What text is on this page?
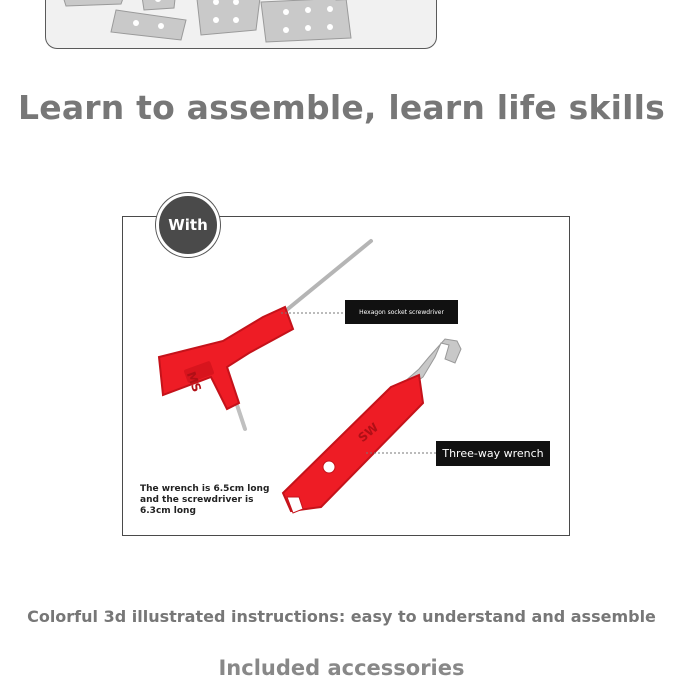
Learn to assemble, learn life skills
MS
SW
With
Hexagon socket screwdriver
Three-way wrench
The wrench is 6.5cm long
and the screwdriver is
6.3cm long

Colorful 3d illustrated instructions: easy to understand and assemble

Included accessories
